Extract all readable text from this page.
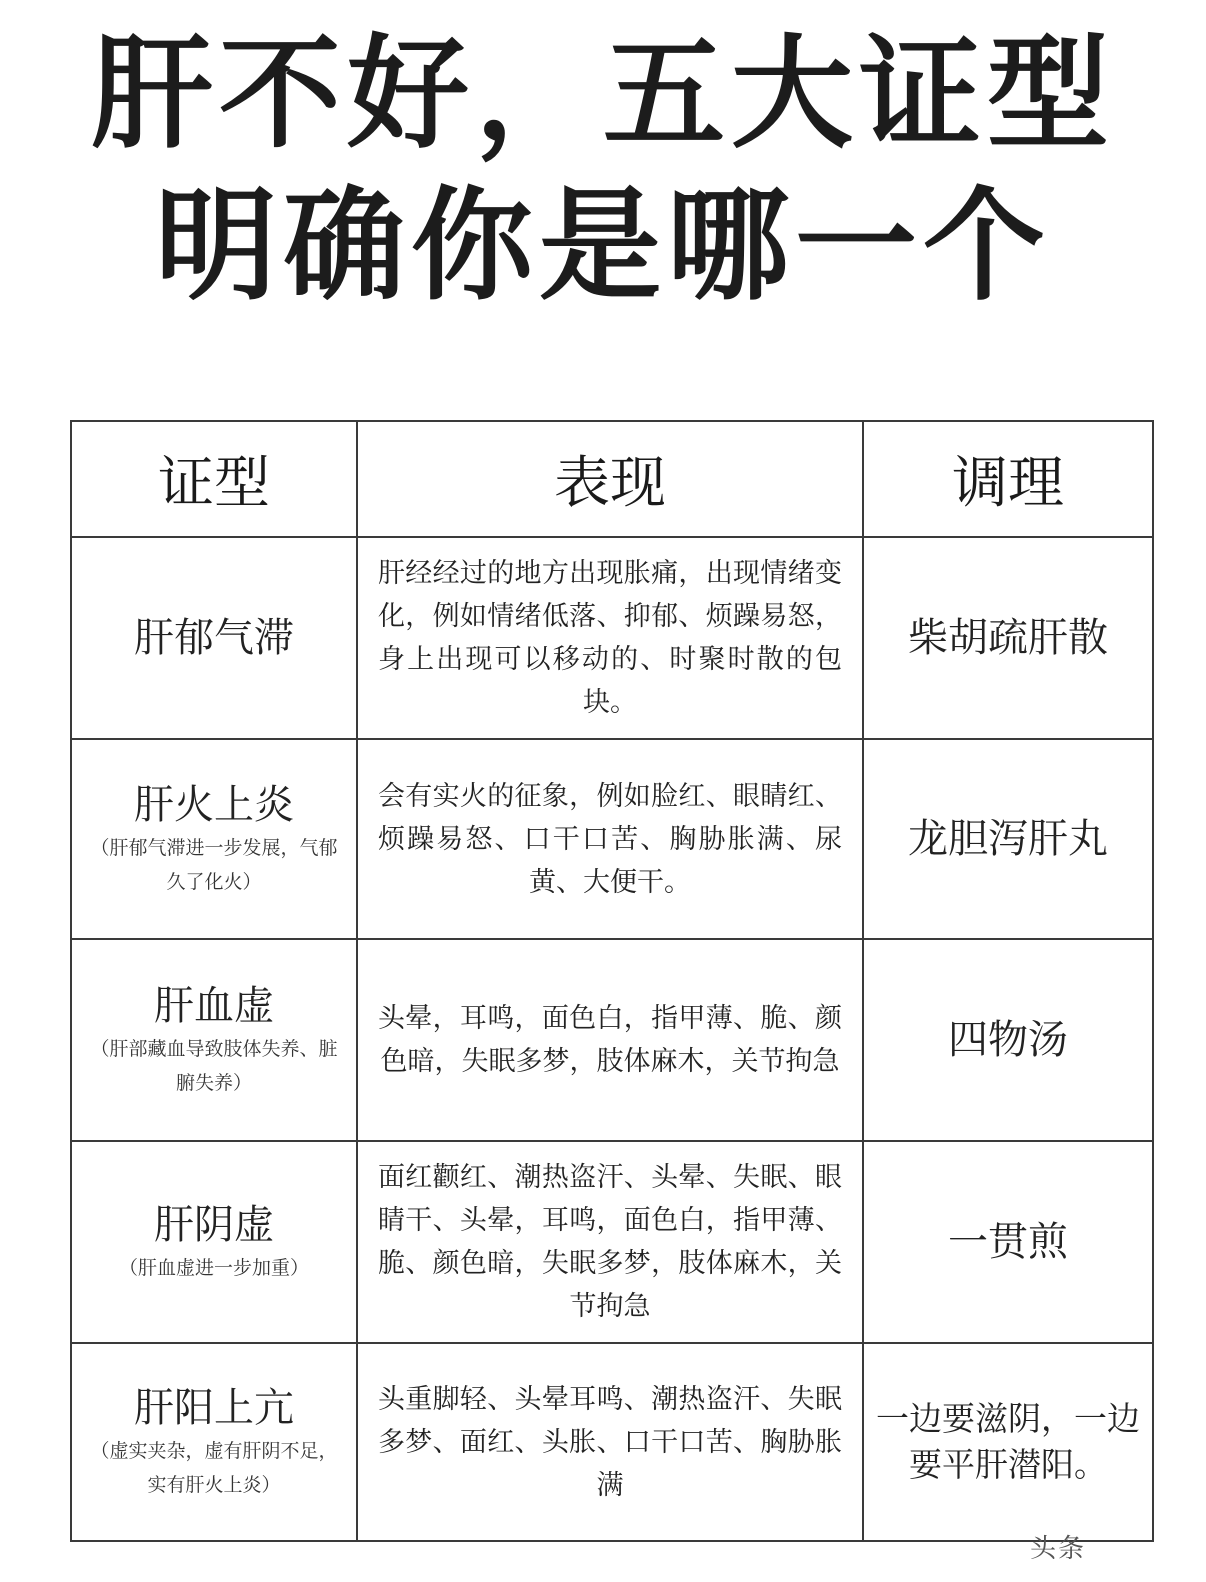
肝不好，五大证型
明确你是哪一个
证型	表现	调理

肝郁气滞	肝经经过的地方出现胀痛，出现情绪变化，例如情绪低落、抑郁、烦躁易怒，身上出现可以移动的、时聚时散的包块。	柴胡疏肝散

肝火上炎
（肝郁气滞进一步发展，气郁久了化火）	会有实火的征象，例如脸红、眼睛红、烦躁易怒、口干口苦、胸胁胀满、尿黄、大便干。	龙胆泻肝丸

肝血虚
（肝部藏血导致肢体失养、脏腑失养）	头晕，耳鸣，面色白，指甲薄、脆、颜色暗，失眠多梦，肢体麻木，关节拘急	四物汤

肝阴虚
（肝血虚进一步加重）	面红颧红、潮热盗汗、头晕、失眠、眼睛干、头晕，耳鸣，面色白，指甲薄、脆、颜色暗，失眠多梦，肢体麻木，关节拘急	一贯煎

肝阳上亢
（虚实夹杂，虚有肝阴不足，实有肝火上炎）	头重脚轻、头晕耳鸣、潮热盗汗、失眠多梦、面红、头胀、口干口苦、胸胁胀满	一边要滋阴，一边要平肝潜阳。
头条
